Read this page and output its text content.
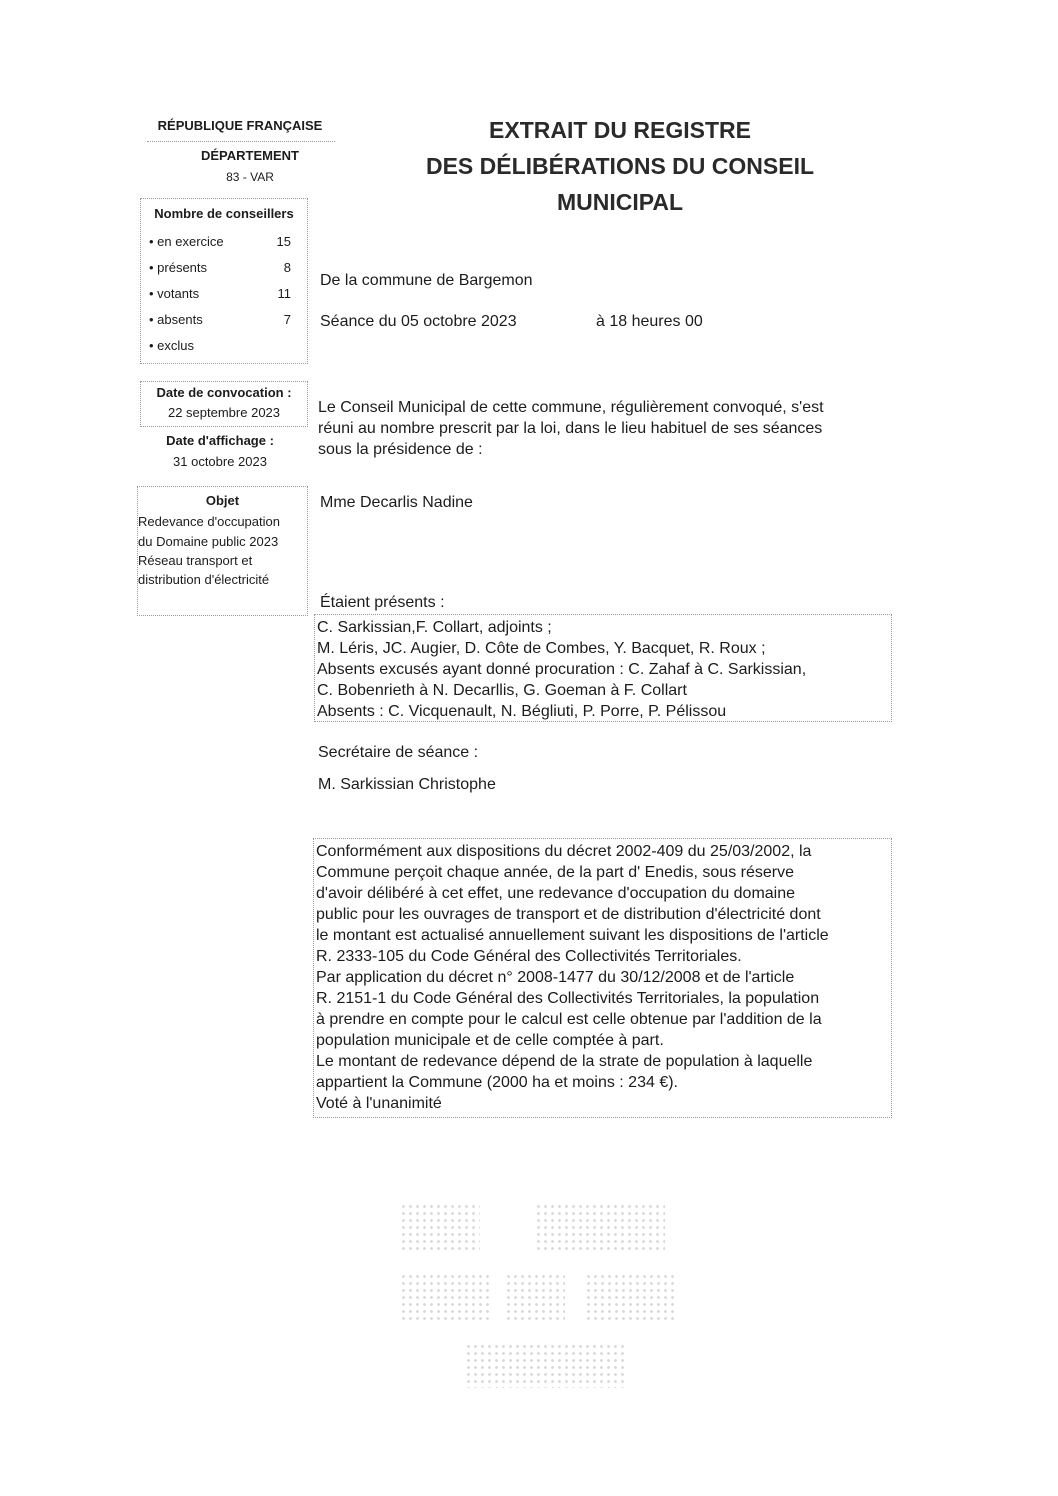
RÉPUBLIQUE FRANÇAISE
DÉPARTEMENT
83 - VAR
Nombre de conseillers
• en exercice	15
• présents	8
• votants	11
• absents	7
• exclus
Date de convocation :
22 septembre 2023
Date d'affichage :
31 octobre 2023
Objet
Redevance d'occupation
du Domaine public 2023
Réseau transport et
distribution d'électricité
EXTRAIT DU REGISTRE
DES DÉLIBÉRATIONS DU CONSEIL
MUNICIPAL
De la commune de Bargemon
Séance du 05 octobre 2023	à 18 heures 00
Le Conseil Municipal de cette commune, régulièrement convoqué, s'est
réuni au nombre prescrit par la loi, dans le lieu habituel de ses séances
sous la présidence de :
Mme Decarlis Nadine
Étaient présents :
C. Sarkissian,F. Collart, adjoints ;
M. Léris, JC. Augier, D. Côte de Combes, Y. Bacquet, R. Roux ;
Absents excusés ayant donné procuration : C. Zahaf à C. Sarkissian,
C. Bobenrieth à N. Decarllis, G. Goeman à F. Collart
Absents : C. Vicquenault, N. Bégliuti, P. Porre, P. Pélissou
Secrétaire de séance :
M. Sarkissian Christophe
Conformément aux dispositions du décret 2002-409 du 25/03/2002, la
Commune perçoit chaque année, de la part d' Enedis, sous réserve
d'avoir délibéré à cet effet, une redevance d'occupation du domaine
public pour les ouvrages de transport et de distribution d'électricité dont
le montant est actualisé annuellement suivant les dispositions de l'article
R. 2333-105 du Code Général des Collectivités Territoriales.
Par application du décret n° 2008-1477 du 30/12/2008 et de l'article
R. 2151-1 du Code Général des Collectivités Territoriales, la population
à prendre en compte pour le calcul est celle obtenue par l'addition de la
population municipale et de celle comptée à part.
Le montant de redevance dépend de la strate de population à laquelle
appartient la Commune (2000 ha et moins : 234 €).
Voté à l'unanimité
